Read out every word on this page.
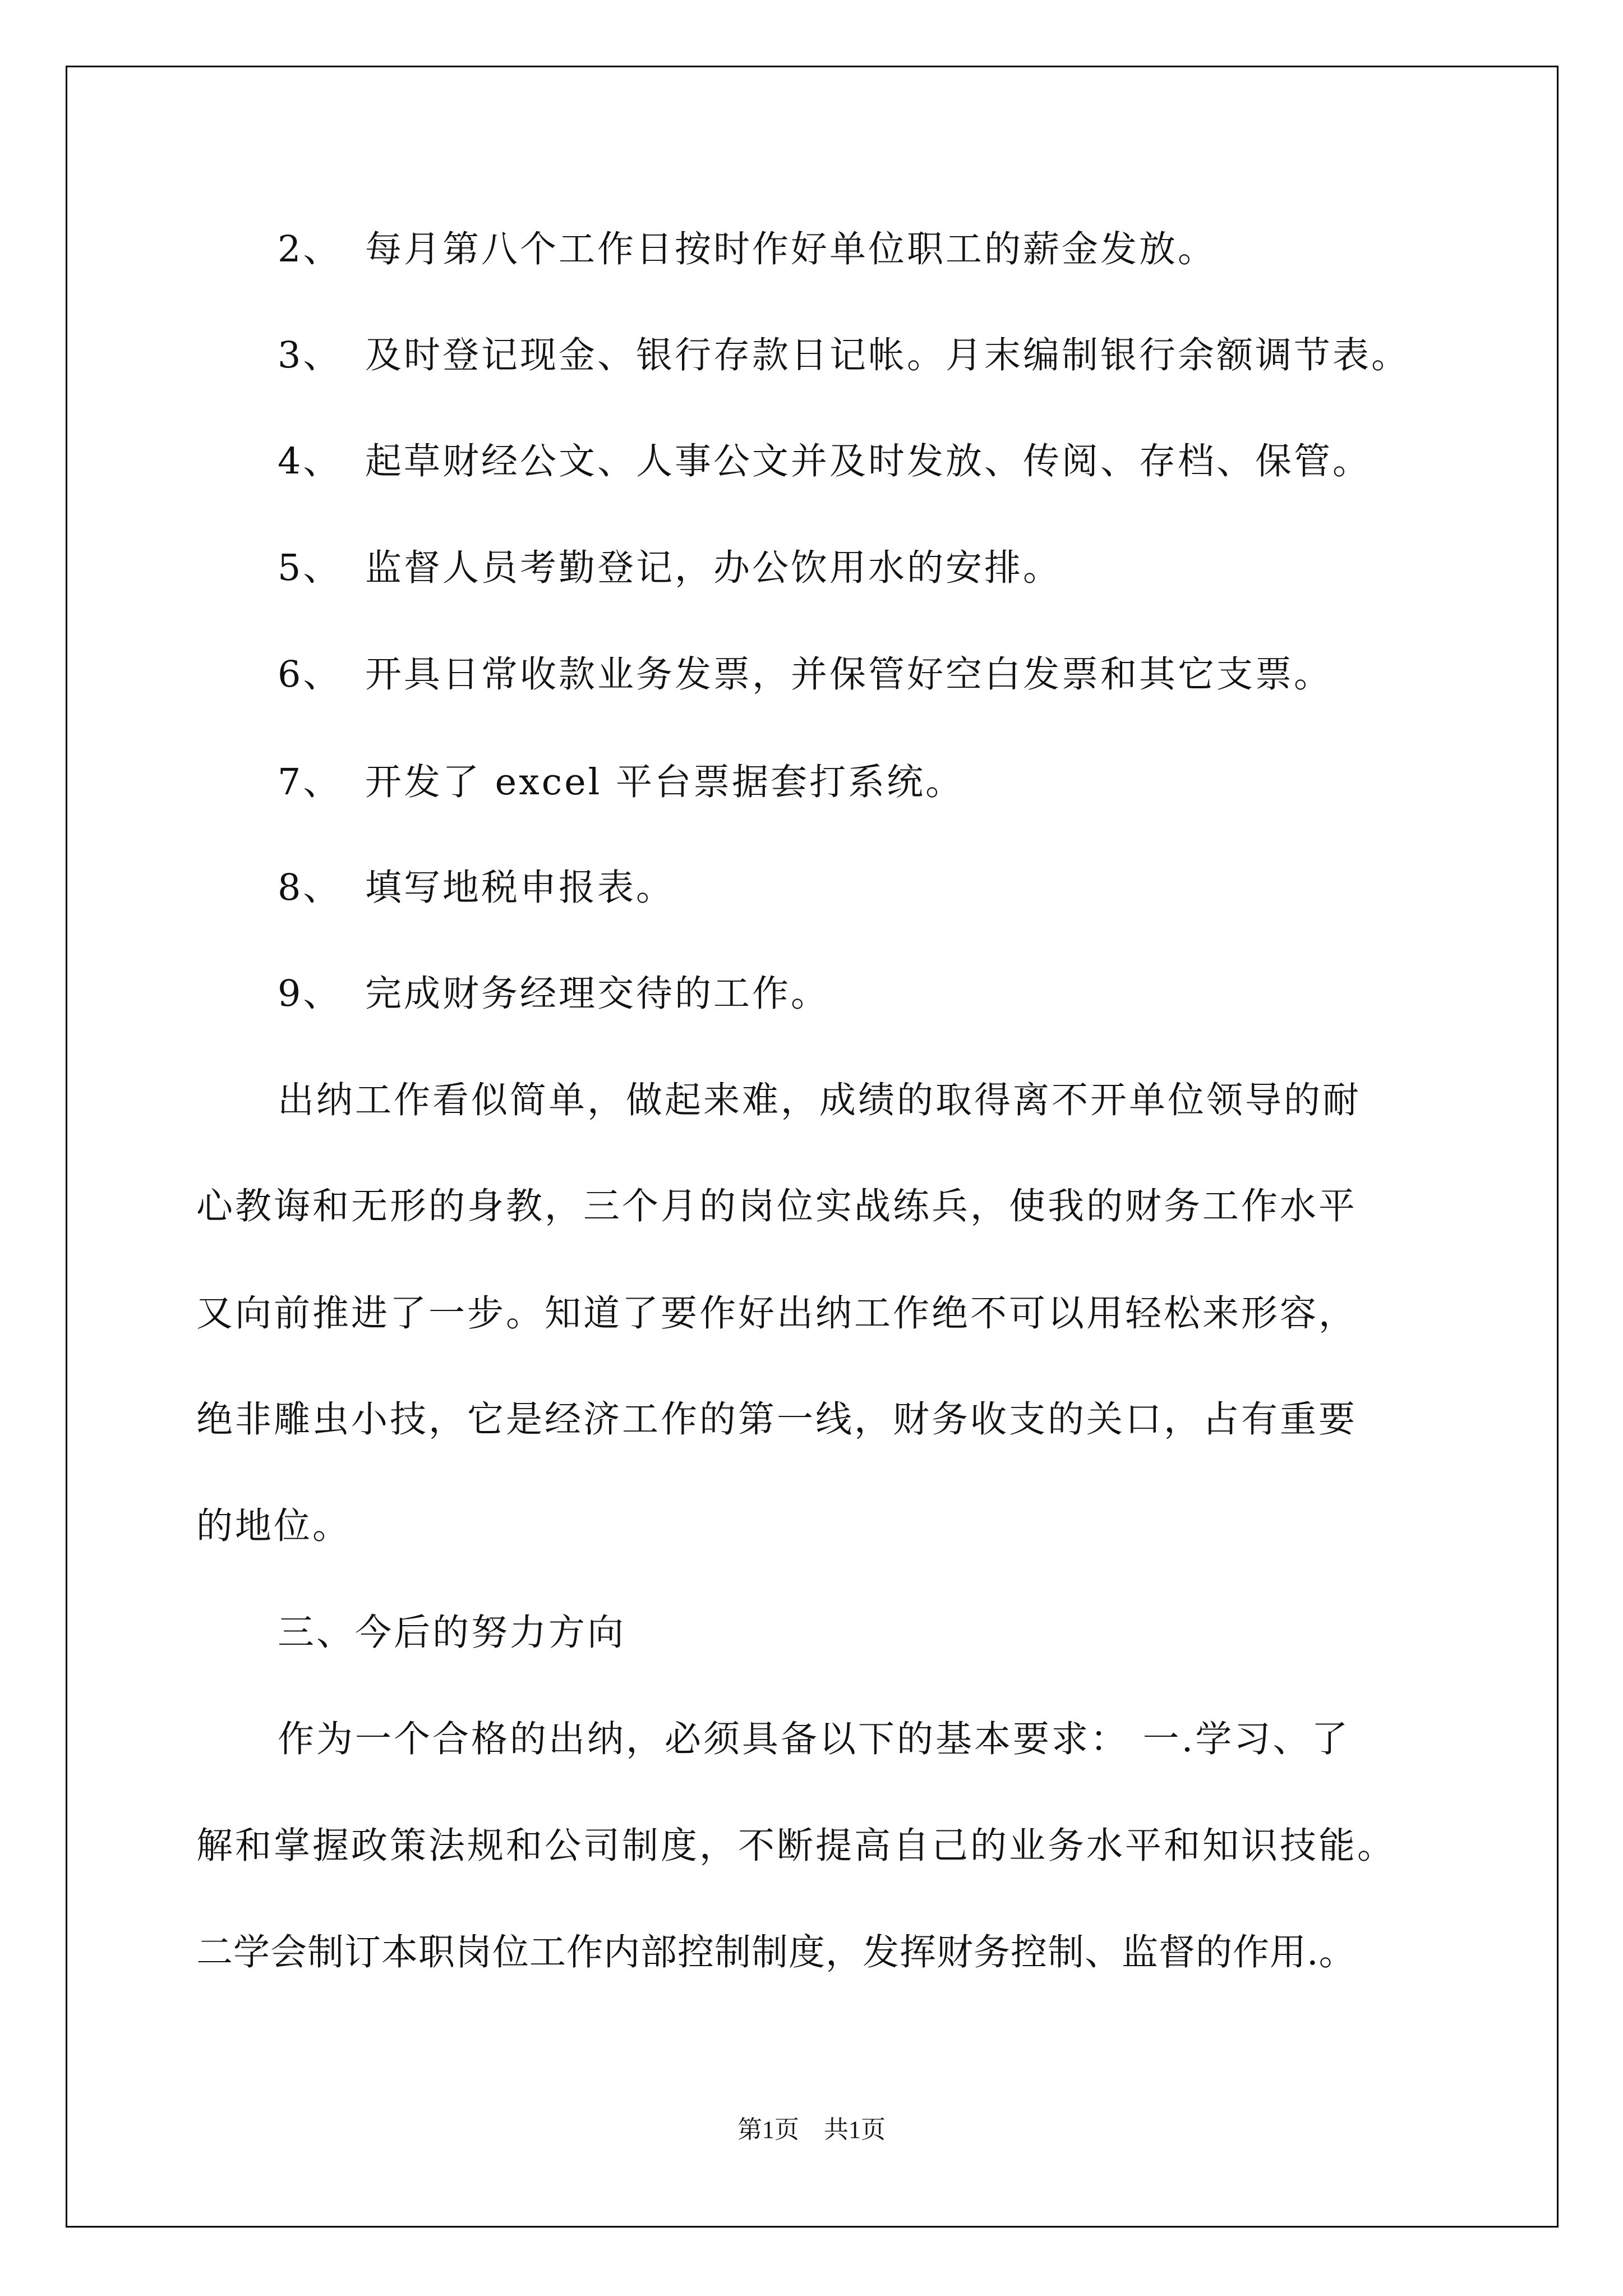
2、 每月第八个工作日按时作好单位职工的薪金发放。

3、 及时登记现金、银行存款日记帐。月末编制银行余额调节表。

4、 起草财经公文、人事公文并及时发放、传阅、存档、保管。

5、 监督人员考勤登记，办公饮用水的安排。

6、 开具日常收款业务发票，并保管好空白发票和其它支票。

7、 开发了 excel 平台票据套打系统。

8、 填写地税申报表。

9、 完成财务经理交待的工作。

出纳工作看似简单，做起来难，成绩的取得离不开单位领导的耐

心教诲和无形的身教，三个月的岗位实战练兵，使我的财务工作水平

又向前推进了一步。知道了要作好出纳工作绝不可以用轻松来形容，

绝非雕虫小技，它是经济工作的第一线，财务收支的关口，占有重要

的地位。

三、今后的努力方向

作为一个合格的出纳，必须具备以下的基本要求： 一.学习、了

解和掌握政策法规和公司制度，不断提高自己的业务水平和知识技能。

二学会制订本职岗位工作内部控制制度，发挥财务控制、监督的作用.。

第1页　共1页
